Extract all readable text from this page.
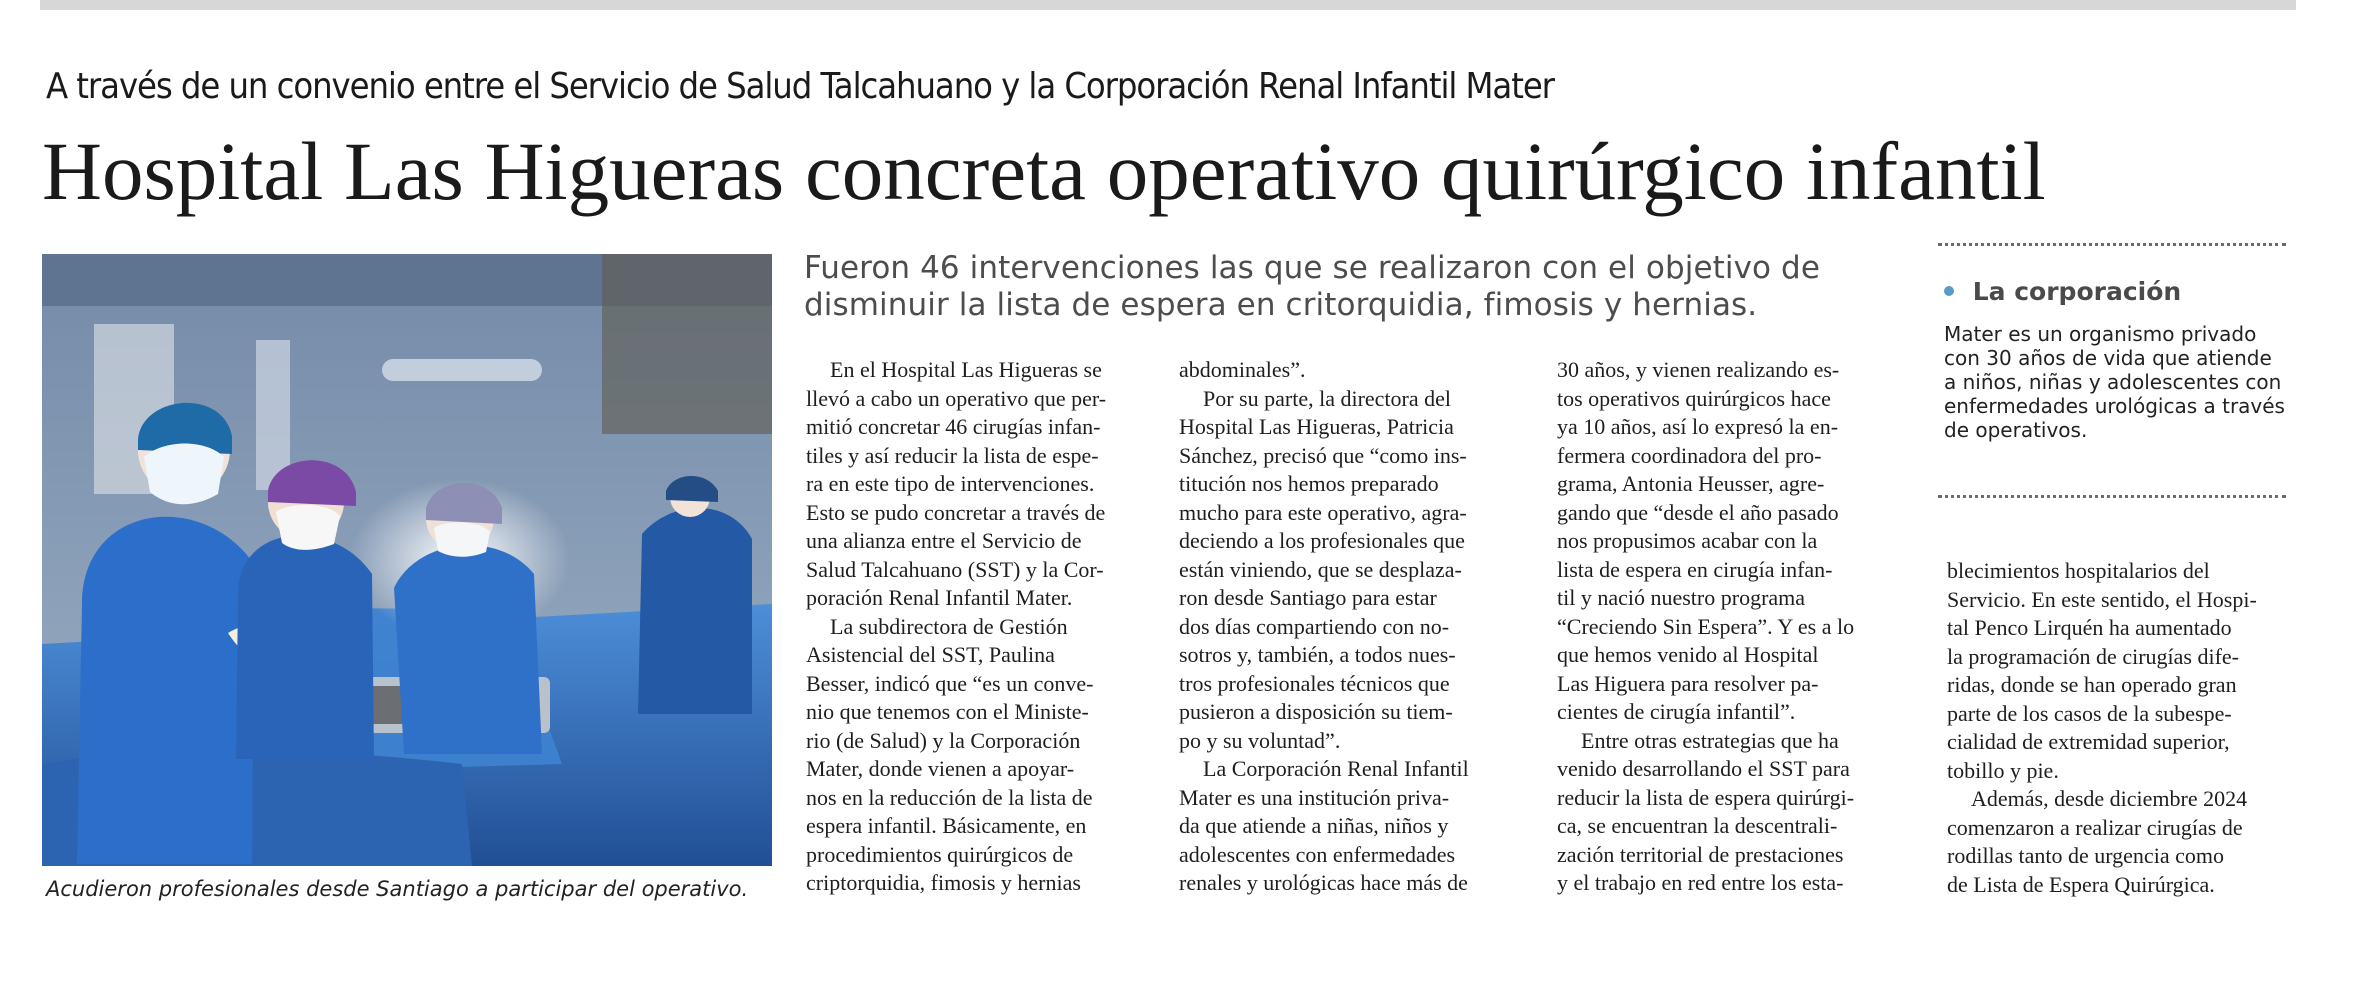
A través de un convenio entre el Servicio de Salud Talcahuano y la Corporación Renal Infantil Mater
Hospital Las Higueras concreta operativo quirúrgico infantil
Acudieron profesionales desde Santiago a participar del operativo.
Fueron 46 intervenciones las que se realizaron con el objetivo de
disminuir la lista de espera en critorquidia, fimosis y hernias.
En el Hospital Las Higueras se
llevó a cabo un operativo que per-
mitió concretar 46 cirugías infan-
tiles y así reducir la lista de espe-
ra en este tipo de intervenciones.
Esto se pudo concretar a través de
una alianza entre el Servicio de
Salud Talcahuano (SST) y la Cor-
poración Renal Infantil Mater.
La subdirectora de Gestión
Asistencial del SST, Paulina
Besser, indicó que “es un conve-
nio que tenemos con el Ministe-
rio (de Salud) y la Corporación
Mater, donde vienen a apoyar-
nos en la reducción de la lista de
espera infantil. Básicamente, en
procedimientos quirúrgicos de
criptorquidia, fimosis y hernias
abdominales”.
Por su parte, la directora del
Hospital Las Higueras, Patricia
Sánchez, precisó que “como ins-
titución nos hemos preparado
mucho para este operativo, agra-
deciendo a los profesionales que
están viniendo, que se desplaza-
ron desde Santiago para estar
dos días compartiendo con no-
sotros y, también, a todos nues-
tros profesionales técnicos que
pusieron a disposición su tiem-
po y su voluntad”.
La Corporación Renal Infantil
Mater es una institución priva-
da que atiende a niñas, niños y
adolescentes con enfermedades
renales y urológicas hace más de
30 años, y vienen realizando es-
tos operativos quirúrgicos hace
ya 10 años, así lo expresó la en-
fermera coordinadora del pro-
grama, Antonia Heusser, agre-
gando que “desde el año pasado
nos propusimos acabar con la
lista de espera en cirugía infan-
til y nació nuestro programa
“Creciendo Sin Espera”. Y es a lo
que hemos venido al Hospital
Las Higuera para resolver pa-
cientes de cirugía infantil”.
Entre otras estrategias que ha
venido desarrollando el SST para
reducir la lista de espera quirúrgi-
ca, se encuentran la descentrali-
zación territorial de prestaciones
y el trabajo en red entre los esta-
blecimientos hospitalarios del
Servicio. En este sentido, el Hospi-
tal Penco Lirquén ha aumentado
la programación de cirugías dife-
ridas, donde se han operado gran
parte de los casos de la subespe-
cialidad de extremidad superior,
tobillo y pie.
Además, desde diciembre 2024
comenzaron a realizar cirugías de
rodillas tanto de urgencia como
de Lista de Espera Quirúrgica.
La corporación
Mater es un organismo privado
con 30 años de vida que atiende
a niños, niñas y adolescentes con
enfermedades urológicas a través
de operativos.
